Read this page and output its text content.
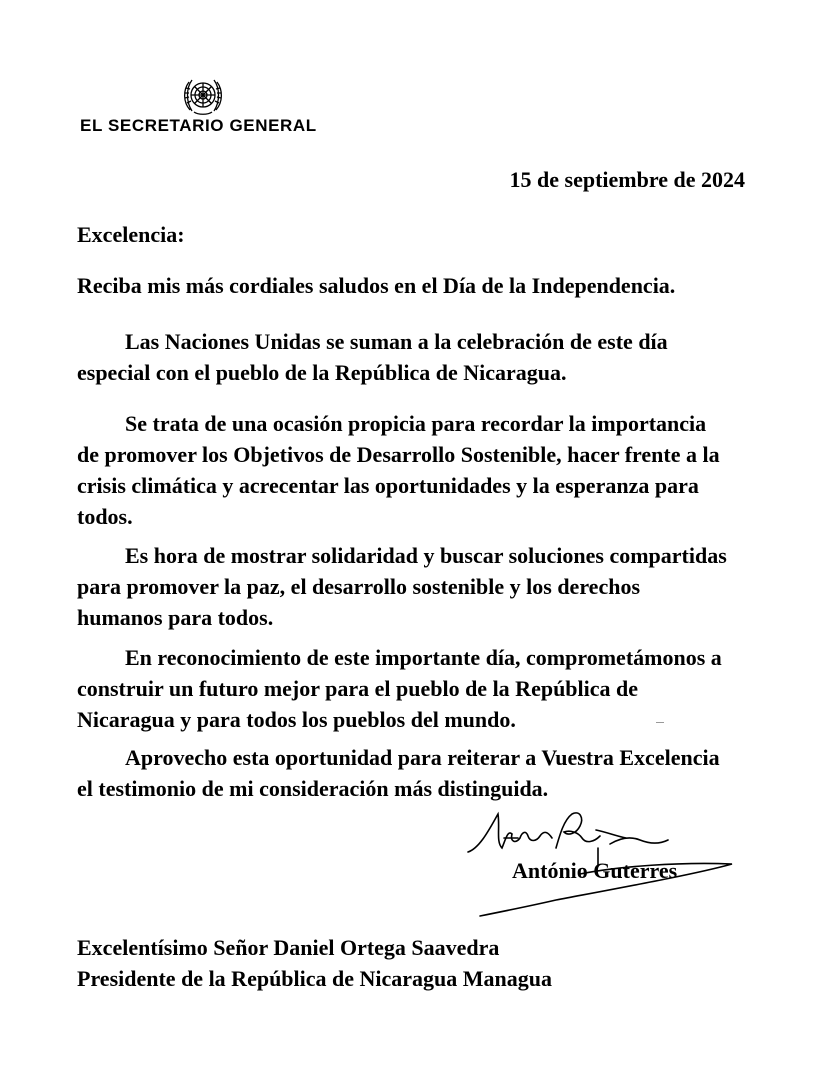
EL SECRETARIO GENERAL

15 de septiembre de 2024

Excelencia:

Reciba mis más cordiales saludos en el Día de la Independencia.

Las Naciones Unidas se suman a la celebración de este día
especial con el pueblo de la República de Nicaragua.
Se trata de una ocasión propicia para recordar la importancia
de promover los Objetivos de Desarrollo Sostenible, hacer frente a la
crisis climática y acrecentar las oportunidades y la esperanza para
todos.
Es hora de mostrar solidaridad y buscar soluciones compartidas
para promover la paz, el desarrollo sostenible y los derechos
humanos para todos.
En reconocimiento de este importante día, comprometámonos a
construir un futuro mejor para el pueblo de la República de
Nicaragua y para todos los pueblos del mundo.
Aprovecho esta oportunidad para reiterar a Vuestra Excelencia
el testimonio de mi consideración más distinguida.
António Guterres
Excelentísimo Señor Daniel Ortega Saavedra
Presidente de la República de Nicaragua Managua
